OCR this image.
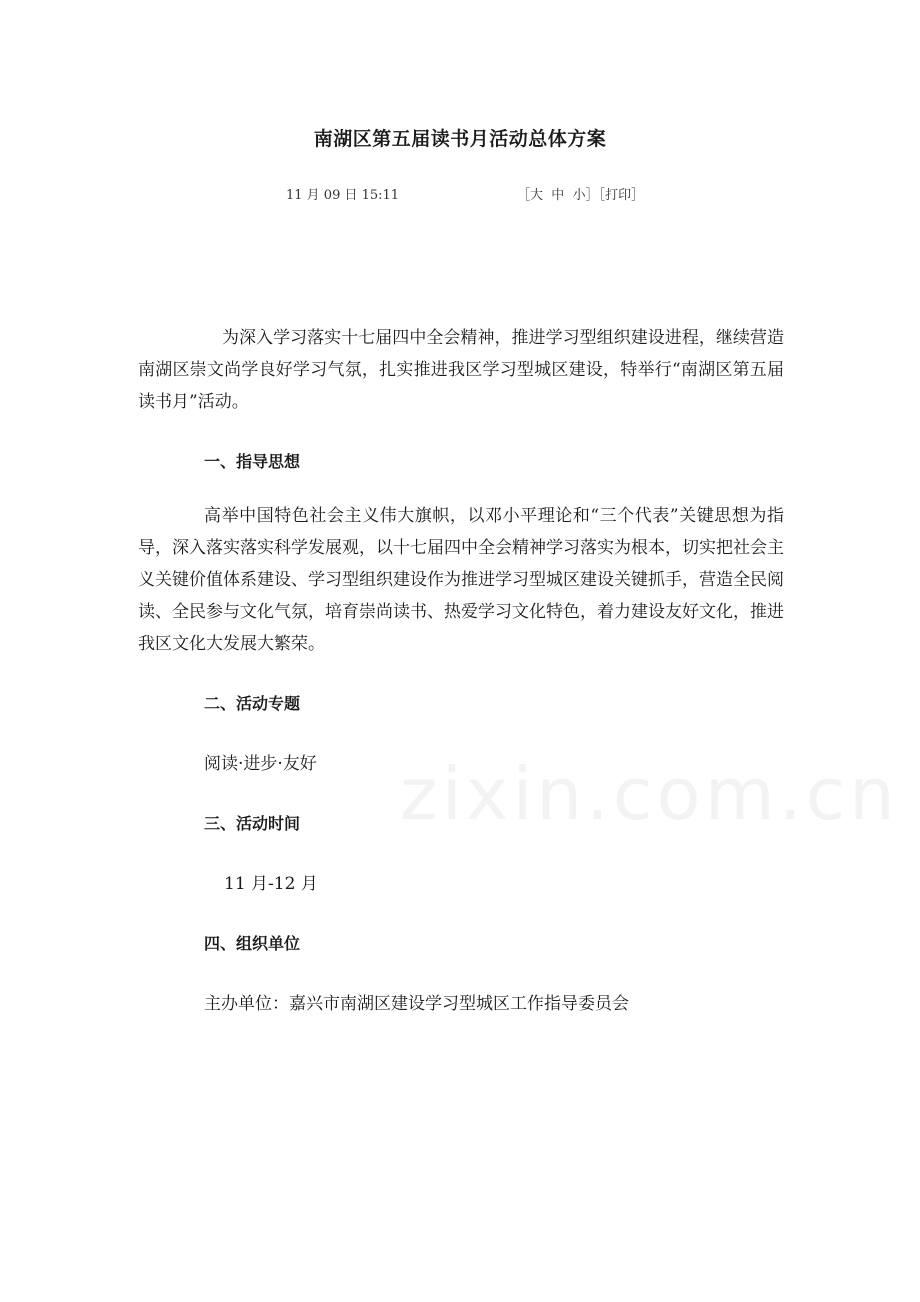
南湖区第五届读书月活动总体方案
11 月 09 日 15:11	［大 中 小］［打印］

为深入学习落实十七届四中全会精神，推进学习型组织建设进程，继续营造南湖区崇文尚学良好学习气氛，扎实推进我区学习型城区建设，特举行“南湖区第五届读书月”活动。

一、指导思想

高举中国特色社会主义伟大旗帜，以邓小平理论和“三个代表”关键思想为指导，深入落实落实科学发展观，以十七届四中全会精神学习落实为根本，切实把社会主义关键价值体系建设、学习型组织建设作为推进学习型城区建设关键抓手，营造全民阅读、全民参与文化气氛，培育崇尚读书、热爱学习文化特色，着力建设友好文化，推进我区文化大发展大繁荣。

二、活动专题

阅读·进步·友好

三、活动时间

11 月-12 月

四、组织单位

主办单位：嘉兴市南湖区建设学习型城区工作指导委员会

zixin.com.cn
